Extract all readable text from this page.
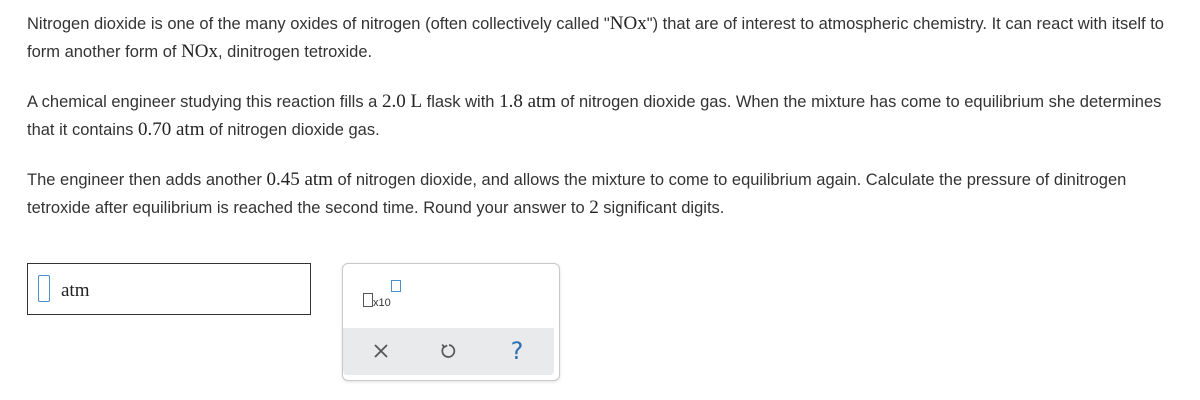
Nitrogen dioxide is one of the many oxides of nitrogen (often collectively called "NOx") that are of interest to atmospheric chemistry. It can react with itself to form another form of NOx, dinitrogen tetroxide.

A chemical engineer studying this reaction fills a 2.0 L flask with 1.8 atm of nitrogen dioxide gas. When the mixture has come to equilibrium she determines that it contains 0.70 atm of nitrogen dioxide gas.

The engineer then adds another 0.45 atm of nitrogen dioxide, and allows the mixture to come to equilibrium again. Calculate the pressure of dinitrogen tetroxide after equilibrium is reached the second time. Round your answer to 2 significant digits.

atm
x10
?
